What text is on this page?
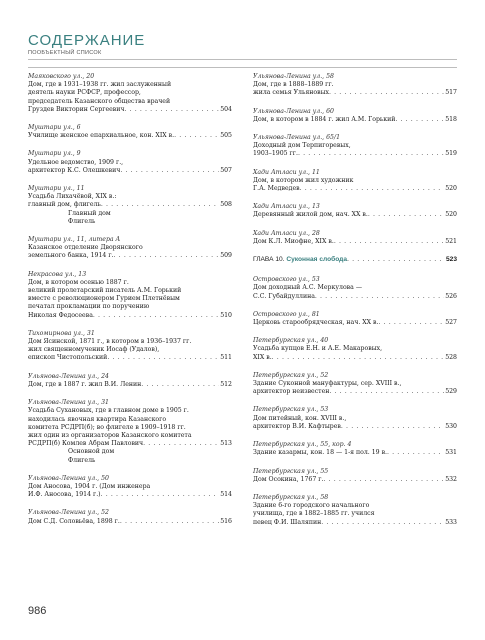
СОДЕРЖАНИЕ
ПООБЪЕКТНЫЙ СПИСОК
Маяковского ул., 20
Дом, где в 1931–1938 гг. жил заслуженный
деятель науки РСФСР, профессор,
председатель Казанского общества врачей
Груздев Викторин Сергеевич . . .	504
Муштари ул., 6
Училище женское епархиальное, кон. XIX в. . . .	505
Муштари ул., 9
Удельное ведомство, 1909 г.,
архитектор К.С. Олешкевич . . .	507
Муштари ул., 11
Усадьба Лихачёвой, XIX в.:
главный дом, флигель . . .	508
Главный дом
Флигель
Муштари ул., 11, литера А
Казанское отделение Дворянского
земельного банка, 1914 г. . . .	509
Некрасова ул., 13
Дом, в котором осенью 1887 г.
великий пролетарский писатель А.М. Горький
вместе с революционером Гурием Плетнёвым
печатал прокламации по поручению
Николая Федосеева . . .	510
Тихомирнова ул., 31
Дом Ясинской, 1871 г., в котором в 1936–1937 гг.
жил священномученик Иосаф (Удалов),
епископ Чистопольский . . .	511
Ульянова-Ленина ул., 24
Дом, где в 1887 г. жил В.И. Ленин . . .	512
Ульянова-Ленина ул., 31
Усадьба Сухановых, где в главном доме в 1905 г.
находилась явочная квартира Казанского
комитета РСДРП(б); во флигеле в 1909–1918 гг.
жил один из организаторов Казанского комитета
РСДРП(б) Комлев Абрам Павлович . . .	513
Основной дом
Флигель
Ульянова-Ленина ул., 50
Дом Аносова, 1904 г. (Дом инженера
И.Ф. Аносова, 1914 г.) . . .	514
Ульянова-Ленина ул., 52
Дом С.Д. Соловьёва, 1898 г. . . .	516
Ульянова-Ленина ул., 58
Дом, где в 1888–1889 гг.
жила семья Ульяновых . . .	517
Ульянова-Ленина ул., 60
Дом, в котором в 1884 г. жил А.М. Горький . . .	518
Ульянова-Ленина ул., 65/1
Доходный дом Терпигоревых,
1903–1905 гг. . . .	519
Хади Атласи ул., 11
Дом, в котором жил художник
Г.А. Медведев . . .	520
Хади Атласи ул., 13
Деревянный жилой дом, нач. XX в. . . .	520
Хади Атласи ул., 28
Дом К.Л. Миофне, XIX в. . . .	521
ГЛАВА 10. Суконная слобода . . .	523
Островского ул., 53
Дом доходный А.С. Меркулова —
С.С. Губайдуллина . . .	526
Островского ул., 81
Церковь старообрядческая, нач. XX в. . . .	527
Петербургская ул., 40
Усадьба купцов Е.Н. и А.Е. Макаровых,
XIX в. . . .	528
Петербургская ул., 52
Здание Суконной мануфактуры, сер. XVIII в.,
архитектор неизвестен . . .	529
Петербургская ул., 53
Дом питейный, кон. XVIII в.,
архитектор В.И. Кафтырев . . .	530
Петербургская ул., 55, кор. 4
Здание казармы, кон. 18 — 1-я пол. 19 в. . . .	531
Петербургская ул., 55
Дом Осокина, 1767 г. . . .	532
Петербургская ул., 58
Здание 6-го городского начального
училища, где в 1882–1885 гг. учился
певец Ф.И. Шаляпин . . .	533
986
